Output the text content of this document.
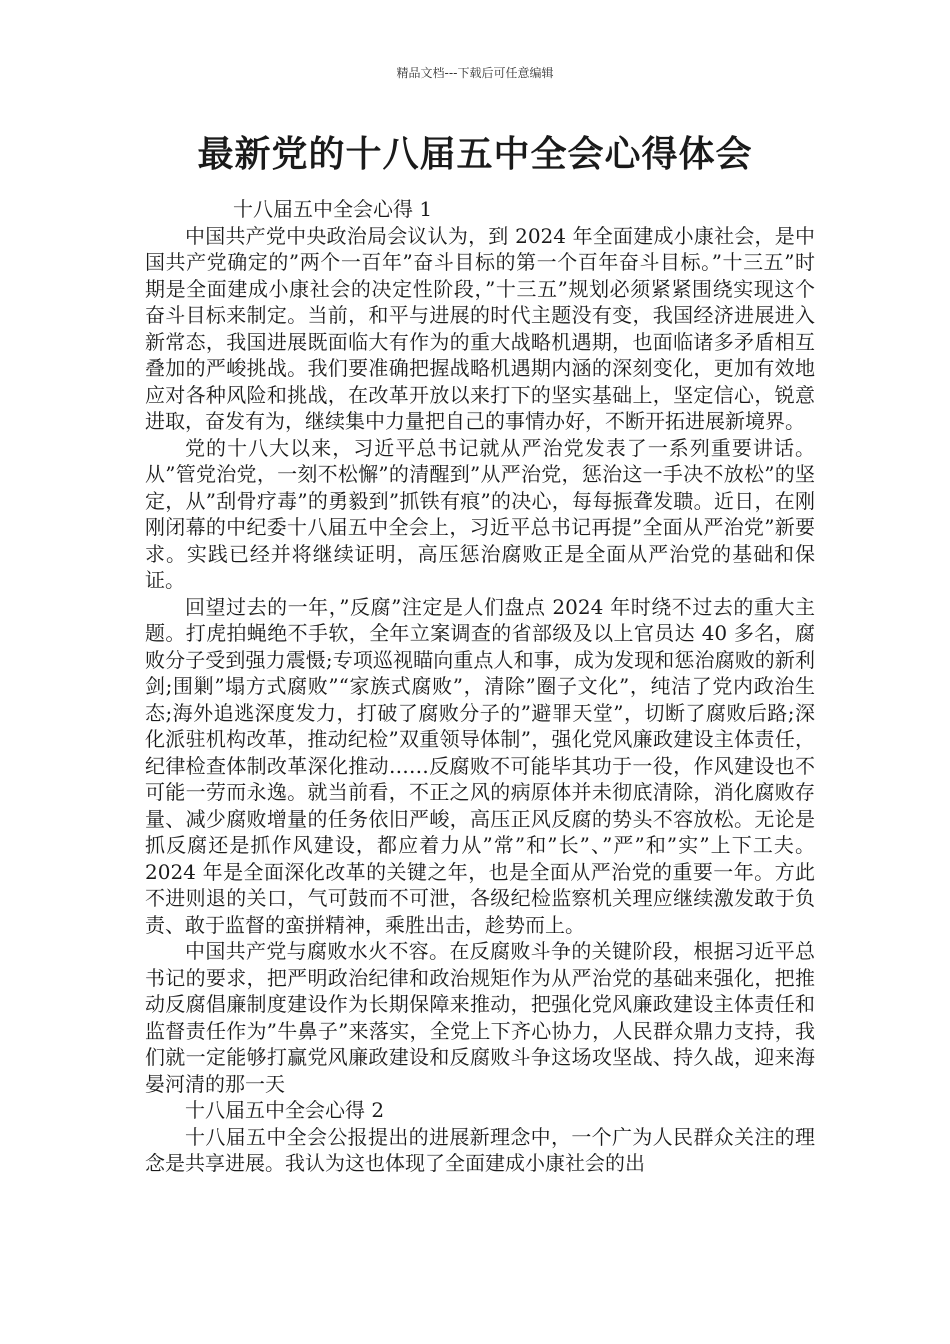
精品文档---下载后可任意编辑
最新党的十八届五中全会心得体会

十八届五中全会心得 1

中国共产党中央政治局会议认为，到 2024 年全面建成小康社会，是中国共产党确定的”两个一百年”奋斗目标的第一个百年奋斗目标。”十三五”时期是全面建成小康社会的决定性阶段，”十三五”规划必须紧紧围绕实现这个奋斗目标来制定。当前，和平与进展的时代主题没有变，我国经济进展进入新常态，我国进展既面临大有作为的重大战略机遇期，也面临诸多矛盾相互叠加的严峻挑战。我们要准确把握战略机遇期内涵的深刻变化，更加有效地应对各种风险和挑战，在改革开放以来打下的坚实基础上，坚定信心，锐意进取，奋发有为，继续集中力量把自己的事情办好，不断开拓进展新境界。

党的十八大以来，习近平总书记就从严治党发表了一系列重要讲话。从”管党治党，一刻不松懈”的清醒到”从严治党，惩治这一手决不放松”的坚定，从”刮骨疗毒”的勇毅到”抓铁有痕”的决心，每每振聋发聩。近日，在刚刚闭幕的中纪委十八届五中全会上，习近平总书记再提”全面从严治党”新要求。实践已经并将继续证明，高压惩治腐败正是全面从严治党的基础和保证。

回望过去的一年，”反腐”注定是人们盘点 2024 年时绕不过去的重大主题。打虎拍蝇绝不手软，全年立案调查的省部级及以上官员达 40 多名，腐败分子受到强力震慑;专项巡视瞄向重点人和事，成为发现和惩治腐败的新利剑;围剿”塌方式腐败”“家族式腐败”，清除”圈子文化”，纯洁了党内政治生态;海外追逃深度发力，打破了腐败分子的”避罪天堂”，切断了腐败后路;深化派驻机构改革，推动纪检”双重领导体制”，强化党风廉政建设主体责任，纪律检查体制改革深化推动……反腐败不可能毕其功于一役，作风建设也不可能一劳而永逸。就当前看，不正之风的病原体并未彻底清除，消化腐败存量、减少腐败增量的任务依旧严峻，高压正风反腐的势头不容放松。无论是抓反腐还是抓作风建设，都应着力从”常”和”长”、”严”和”实”上下工夫。2024 年是全面深化改革的关键之年，也是全面从严治党的重要一年。方此不进则退的关口，气可鼓而不可泄，各级纪检监察机关理应继续激发敢于负责、敢于监督的蛮拼精神，乘胜出击，趁势而上。

中国共产党与腐败水火不容。在反腐败斗争的关键阶段，根据习近平总书记的要求，把严明政治纪律和政治规矩作为从严治党的基础来强化，把推动反腐倡廉制度建设作为长期保障来推动，把强化党风廉政建设主体责任和监督责任作为”牛鼻子”来落实，全党上下齐心协力，人民群众鼎力支持，我们就一定能够打赢党风廉政建设和反腐败斗争这场攻坚战、持久战，迎来海晏河清的那一天

十八届五中全会心得 2

十八届五中全会公报提出的进展新理念中，一个广为人民群众关注的理念是共享进展。我认为这也体现了全面建成小康社会的出
